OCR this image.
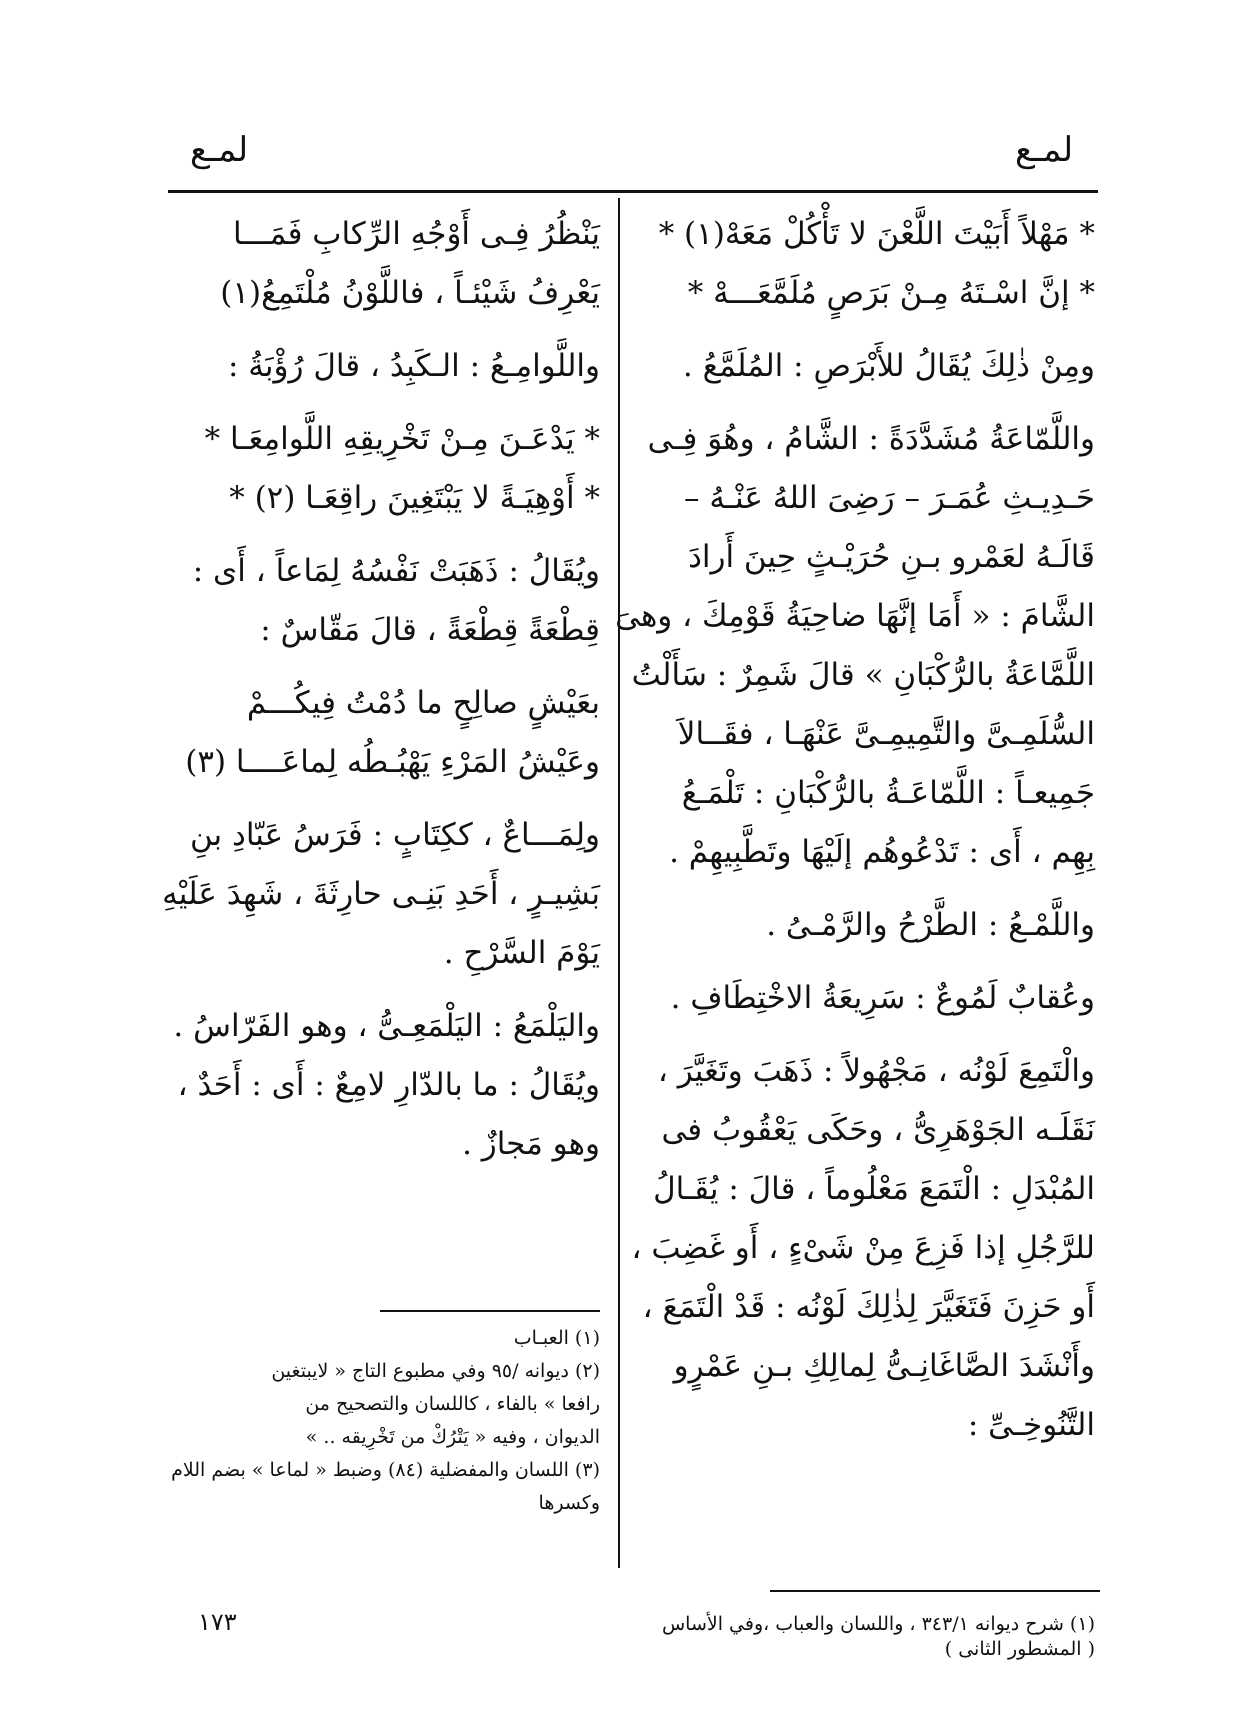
لمـع
لمـع

* مَهْلاً أَبَيْتَ اللَّعْنَ لا تَأْكُلْ مَعَهْ(١) *

* إنَّ اسْـتَهُ مِـنْ بَرَصٍ مُلَمَّعَـــهْ *

ومِنْ ذٰلِكَ يُقَالُ للأَبْرَصِ : المُلَمَّعُ .

واللَّمّاعَةُ مُشَدَّدَةً : الشَّامُ ، وهُوَ فِـى

حَـدِيـثِ عُمَـرَ – رَضِىَ اللهُ عَنْـهُ –

قَالَـهُ لعَمْرو بـنِ حُرَيْـثٍ حِينَ أَرادَ

الشَّامَ : « أَمَا إنَّهَا ضاحِيَةُ قَوْمِكَ ، وهىَ

اللَّمَّاعَةُ بالرُّكْبَانِ » قالَ شَمِرٌ : سَأَلْتُ

السُّلَمِـىَّ والتَّمِيمِـىَّ عَنْهَـا ، فقَــالاَ

جَمِيعـاً : اللَّمّاعَـةُ بالرُّكْبَانِ : تَلْمَـعُ

بِهِم ، أَى : تَدْعُوهُم إلَيْهَا وتَطَّبِيهِمْ .

واللَّمْـعُ : الطَّرْحُ والرَّمْـىُ .

وعُقابٌ لَمُوعٌ : سَرِيعَةُ الاخْتِطَافِ .

والْتَمِعَ لَوْنُه ، مَجْهُولاً : ذَهَبَ وتَغَيَّرَ ،

نَقَلَـه الجَوْهَرِىُّ ، وحَكَى يَعْقُوبُ فى

المُبْدَلِ : الْتَمَعَ مَعْلُوماً ، قالَ : يُقَـالُ

للرَّجُلِ إذا فَزِعَ مِنْ شَىْءٍ ، أَو غَضِبَ ،

أَو حَزِنَ فَتَغَيَّرَ لِذٰلِكَ لَوْنُه : قَدْ الْتَمَعَ ،

وأَنْشَدَ الصَّاغَانِـىُّ لِمالِكِ بـنِ عَمْرٍو

التَّنُوخِـىِّ :

يَنْظُرُ فِـى أَوْجُهِ الرِّكابِ فَمَـــا

يَعْرِفُ شَيْئـاً ، فاللَّوْنُ مُلْتَمِعُ(١)

واللَّوامِـعُ : الـكَبِدُ ، قالَ رُؤْبَةُ :

* يَدْعَـنَ مِـنْ تَخْرِيقِهِ اللَّوامِعَـا *

* أَوْهِيَـةً لا يَبْتَغِينَ راقِعَـا (٢) *

ويُقَالُ : ذَهَبَتْ نَفْسُهُ لِمَاعاً ، أَى :

قِطْعَةً قِطْعَةً ، قالَ مَقّاسٌ :

بعَيْشٍ صالِحٍ ما دُمْتُ فِيكُـــمْ

وعَيْشُ المَرْءِ يَهْبُـطُه لِماعَــــا (٣)

ولِمَـــاعٌ ، ككِتَابٍ : فَرَسُ عَبّادِ بنِ

بَشِيـرٍ ، أَحَدِ بَنِـى حارِثَةَ ، شَهِدَ عَلَيْهِ

يَوْمَ السَّرْحِ .

واليَلْمَعُ : اليَلْمَعِـىُّ ، وهو الفَرّاسُ .

ويُقَالُ : ما بالدّارِ لامِعٌ : أَى : أَحَدٌ ،

وهو مَجازٌ .

(١) العبـاب

(٢) ديوانه /٩٥ وفي مطبوع التاج « لايبتغين

رافعا » بالفاء ، كاللسان والتصحيح من

الديوان ، وفيه « يَتْرُكْ من تَخْرِيقه .. »

(٣) اللسان والمفضلية (٨٤) وضبط « لماعا » بضم اللام

وكسرها

(١) شرح ديوانه ٣٤٣/١ ، واللسان والعباب ،وفي الأساس

( المشطور الثانى )

١٧٣
